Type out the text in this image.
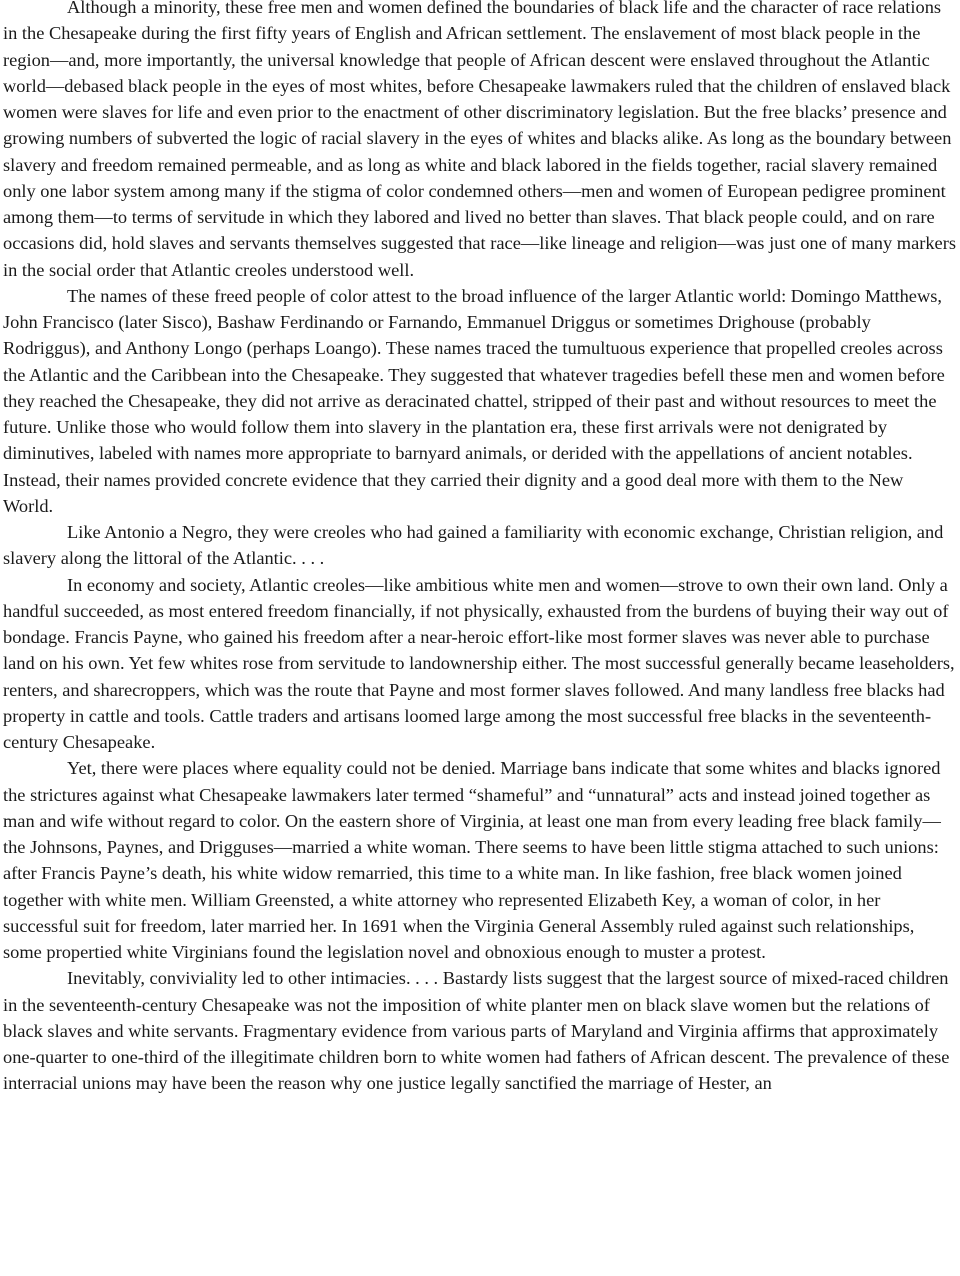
Although a minority, these free men and women defined the boundaries of black life and the character of race relations in the Chesapeake during the first fifty years of English and African settlement. The enslavement of most black people in the region—and, more importantly, the universal knowledge that people of African descent were enslaved throughout the Atlantic world—debased black people in the eyes of most whites, before Chesapeake lawmakers ruled that the children of enslaved black women were slaves for life and even prior to the enactment of other discriminatory legislation. But the free blacks’ presence and growing numbers of subverted the logic of racial slavery in the eyes of whites and blacks alike. As long as the boundary between slavery and freedom remained permeable, and as long as white and black labored in the fields together, racial slavery remained only one labor system among many if the stigma of color condemned others—men and women of European pedigree prominent among them—to terms of servitude in which they labored and lived no better than slaves. That black people could, and on rare occasions did, hold slaves and servants themselves suggested that race—like lineage and religion—was just one of many markers in the social order that Atlantic creoles understood well.

The names of these freed people of color attest to the broad influence of the larger Atlantic world: Domingo Matthews, John Francisco (later Sisco), Bashaw Ferdinando or Farnando, Emmanuel Driggus or sometimes Drighouse (probably Rodriggus), and Anthony Longo (perhaps Loango). These names traced the tumultuous experience that propelled creoles across the Atlantic and the Caribbean into the Chesapeake. They suggested that whatever tragedies befell these men and women before they reached the Chesapeake, they did not arrive as deracinated chattel, stripped of their past and without resources to meet the future. Unlike those who would follow them into slavery in the plantation era, these first arrivals were not denigrated by diminutives, labeled with names more appropriate to barnyard animals, or derided with the appellations of ancient notables. Instead, their names provided concrete evidence that they carried their dignity and a good deal more with them to the New World.

Like Antonio a Negro, they were creoles who had gained a familiarity with economic exchange, Christian religion, and slavery along the littoral of the Atlantic. . . .

In economy and society, Atlantic creoles—like ambitious white men and women—strove to own their own land. Only a handful succeeded, as most entered freedom financially, if not physically, exhausted from the burdens of buying their way out of bondage. Francis Payne, who gained his freedom after a near-heroic effort-like most former slaves was never able to purchase land on his own. Yet few whites rose from servitude to landownership either. The most successful generally became leaseholders, renters, and sharecroppers, which was the route that Payne and most former slaves followed. And many landless free blacks had property in cattle and tools. Cattle traders and artisans loomed large among the most successful free blacks in the seventeenth-century Chesapeake.

Yet, there were places where equality could not be denied. Marriage bans indicate that some whites and blacks ignored the strictures against what Chesapeake lawmakers later termed “shameful” and “unnatural” acts and instead joined together as man and wife without regard to color. On the eastern shore of Virginia, at least one man from every leading free black family—the Johnsons, Paynes, and Drigguses—married a white woman. There seems to have been little stigma attached to such unions: after Francis Payne’s death, his white widow remarried, this time to a white man. In like fashion, free black women joined together with white men. William Greensted, a white attorney who represented Elizabeth Key, a woman of color, in her successful suit for freedom, later married her. In 1691 when the Virginia General Assembly ruled against such relationships, some propertied white Virginians found the legislation novel and obnoxious enough to muster a protest.

Inevitably, conviviality led to other intimacies. . . . Bastardy lists suggest that the largest source of mixed-raced children in the seventeenth-century Chesapeake was not the imposition of white planter men on black slave women but the relations of black slaves and white servants. Fragmentary evidence from various parts of Maryland and Virginia affirms that approximately one-quarter to one-third of the illegitimate children born to white women had fathers of African descent. The prevalence of these interracial unions may have been the reason why one justice legally sanctified the marriage of Hester, an
